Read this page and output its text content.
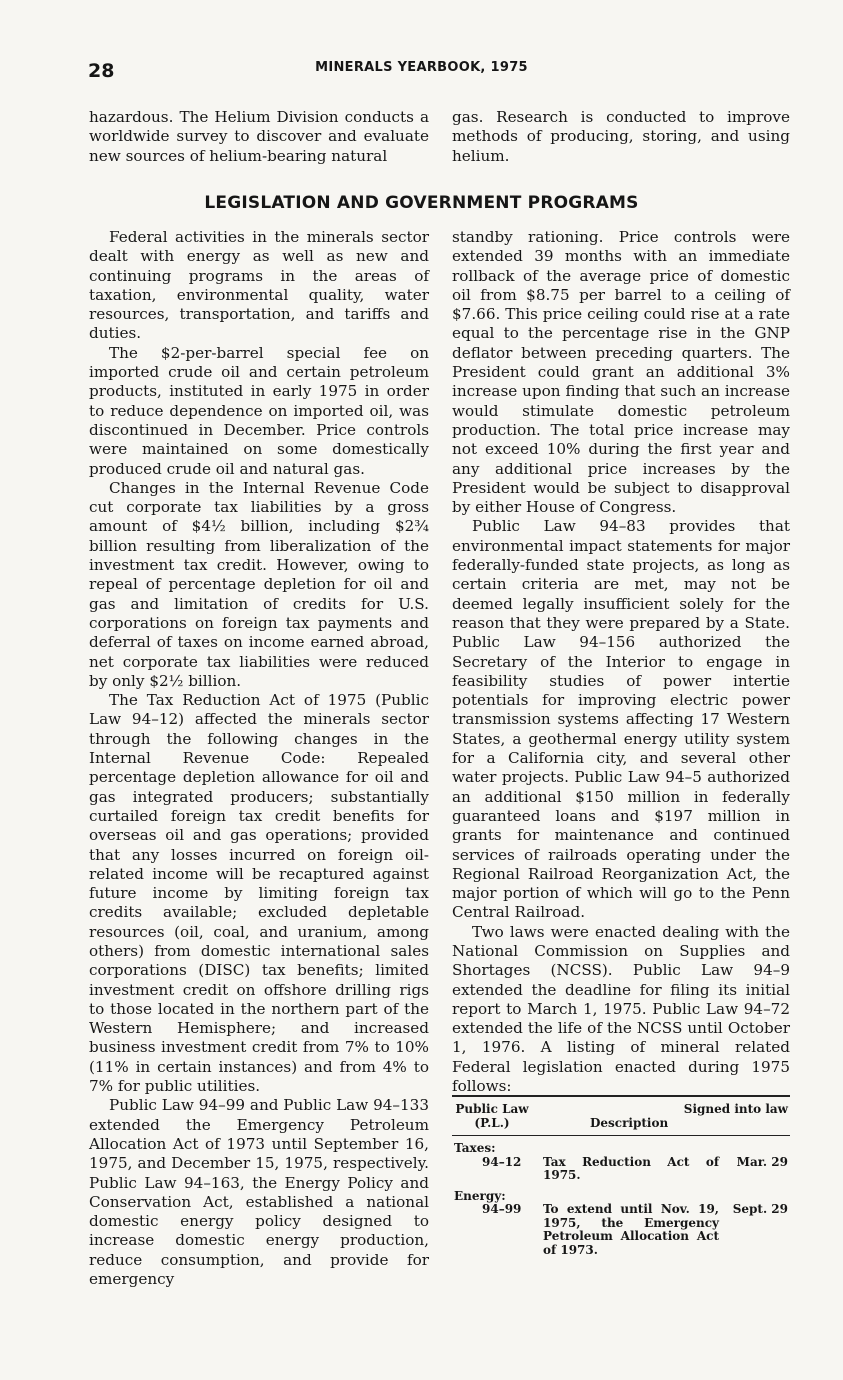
28	MINERALS YEARBOOK, 1975

hazardous. The Helium Division conducts a worldwide survey to discover and evaluate new sources of helium-bearing natural

gas. Research is conducted to improve methods of producing, storing, and using helium.

LEGISLATION AND GOVERNMENT PROGRAMS

Federal activities in the minerals sector dealt with energy as well as new and continuing programs in the areas of taxation, environmental quality, water resources, transportation, and tariffs and duties.

The $2-per-barrel special fee on imported crude oil and certain petroleum products, instituted in early 1975 in order to reduce dependence on imported oil, was discontinued in December. Price controls were maintained on some domestically produced crude oil and natural gas.

Changes in the Internal Revenue Code cut corporate tax liabilities by a gross amount of $4½ billion, including $2¾ billion resulting from liberalization of the investment tax credit. However, owing to repeal of percentage depletion for oil and gas and limitation of credits for U.S. corporations on foreign tax payments and deferral of taxes on income earned abroad, net corporate tax liabilities were reduced by only $2½ billion.

The Tax Reduction Act of 1975 (Public Law 94–12) affected the minerals sector through the following changes in the Internal Revenue Code: Repealed percentage depletion allowance for oil and gas integrated producers; substantially curtailed foreign tax credit benefits for overseas oil and gas operations; provided that any losses incurred on foreign oil-related income will be recaptured against future income by limiting foreign tax credits available; excluded depletable resources (oil, coal, and uranium, among others) from domestic international sales corporations (DISC) tax benefits; limited investment credit on offshore drilling rigs to those located in the northern part of the Western Hemisphere; and increased business investment credit from 7% to 10% (11% in certain instances) and from 4% to 7% for public utilities.

Public Law 94–99 and Public Law 94–133 extended the Emergency Petroleum Allocation Act of 1973 until September 16, 1975, and December 15, 1975, respectively. Public Law 94–163, the Energy Policy and Conservation Act, established a national domestic energy policy designed to increase domestic energy production, reduce consumption, and provide for emergency

standby rationing. Price controls were extended 39 months with an immediate rollback of the average price of domestic oil from $8.75 per barrel to a ceiling of $7.66. This price ceiling could rise at a rate equal to the percentage rise in the GNP deflator between preceding quarters. The President could grant an additional 3% increase upon finding that such an increase would stimulate domestic petroleum production. The total price increase may not exceed 10% during the first year and any additional price increases by the President would be subject to disapproval by either House of Congress.

Public Law 94–83 provides that environmental impact statements for major federally-funded state projects, as long as certain criteria are met, may not be deemed legally insufficient solely for the reason that they were prepared by a State. Public Law 94–156 authorized the Secretary of the Interior to engage in feasibility studies of power intertie potentials for improving electric power transmission systems affecting 17 Western States, a geothermal energy utility system for a California city, and several other water projects. Public Law 94–5 authorized an additional $150 million in federally guaranteed loans and $197 million in grants for maintenance and continued services of railroads operating under the Regional Railroad Reorganization Act, the major portion of which will go to the Penn Central Railroad.

Two laws were enacted dealing with the National Commission on Supplies and Shortages (NCSS). Public Law 94–9 extended the deadline for filing its initial report to March 1, 1975. Public Law 94–72 extended the life of the NCSS until October 1, 1976. A listing of mineral related Federal legislation enacted during 1975 follows:

Public Law (P.L.)	Description
Signed into law
Taxes:
94–12 Tax Reduction Act of 1975.
Mar. 29
Energy:
94–99 To extend until Nov. 19, 1975, the Emergency Petroleum Allocation Act of 1973.
Sept. 29
